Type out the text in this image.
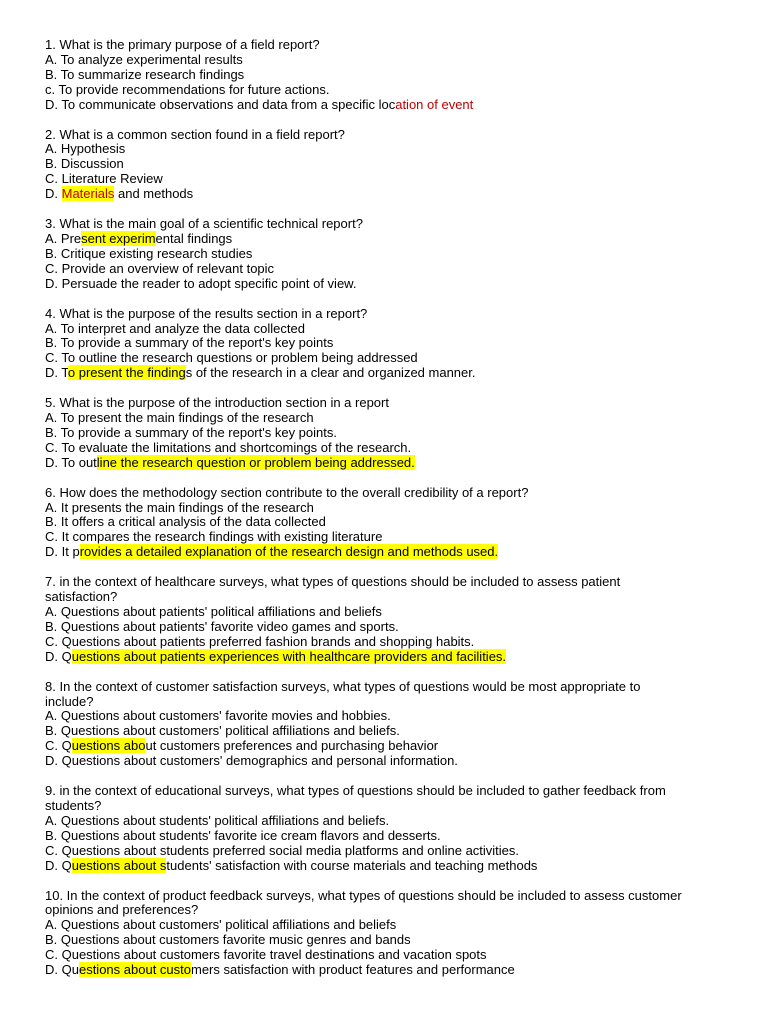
1. What is the primary purpose of a field report?
A. To analyze experimental results
B. To summarize research findings
c. To provide recommendations for future actions.
D. To communicate observations and data from a specific location of event
2. What is a common section found in a field report?
A. Hypothesis
B. Discussion
C. Literature Review
D. Materials and methods
3. What is the main goal of a scientific technical report?
A. Present experimental findings
B. Critique existing research studies
C. Provide an overview of relevant topic
D. Persuade the reader to adopt specific point of view.
4. What is the purpose of the results section in a report?
A. To interpret and analyze the data collected
B. To provide a summary of the report's key points
C. To outline the research questions or problem being addressed
D. To present the findings of the research in a clear and organized manner.
5. What is the purpose of the introduction section in a report
A. To present the main findings of the research
B. To provide a summary of the report's key points.
C. To evaluate the limitations and shortcomings of the research.
D. To outline the research question or problem being addressed.
6. How does the methodology section contribute to the overall credibility of a report?
A. It presents the main findings of the research
B. It offers a critical analysis of the data collected
C. It compares the research findings with existing literature
D. It provides a detailed explanation of the research design and methods used.
7. in the context of healthcare surveys, what types of questions should be included to assess patient
satisfaction?
A. Questions about patients' political affiliations and beliefs
B. Questions about patients' favorite video games and sports.
C. Questions about patients preferred fashion brands and shopping habits.
D. Questions about patients experiences with healthcare providers and facilities.
8. In the context of customer satisfaction surveys, what types of questions would be most appropriate to
include?
A. Questions about customers' favorite movies and hobbies.
B. Questions about customers' political affiliations and beliefs.
C. Questions about customers preferences and purchasing behavior
D. Questions about customers' demographics and personal information.
9. in the context of educational surveys, what types of questions should be included to gather feedback from
students?
A. Questions about students' political affiliations and beliefs.
B. Questions about students' favorite ice cream flavors and desserts.
C. Questions about students preferred social media platforms and online activities.
D. Questions about students' satisfaction with course materials and teaching methods
10. In the context of product feedback surveys, what types of questions should be included to assess customer
opinions and preferences?
A. Questions about customers' political affiliations and beliefs
B. Questions about customers favorite music genres and bands
C. Questions about customers favorite travel destinations and vacation spots
D. Questions about customers satisfaction with product features and performance
